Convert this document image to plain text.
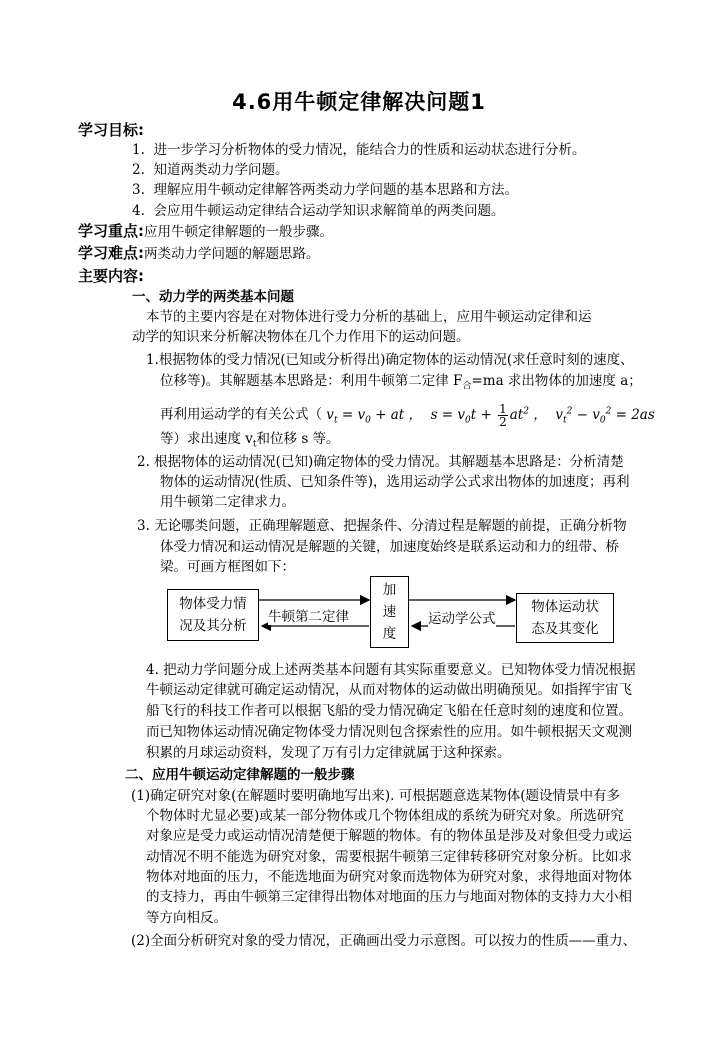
4.6用牛顿定律解决问题1
学习目标:
1. 进一步学习分析物体的受力情况，能结合力的性质和运动状态进行分析。
2. 知道两类动力学问题。
3. 理解应用牛顿动定律解答两类动力学问题的基本思路和方法。
4. 会应用牛顿运动定律结合运动学知识求解简单的两类问题。
学习重点:应用牛顿定律解题的一般步骤。
学习难点:两类动力学问题的解题思路。
主要内容:
一、动力学的两类基本问题
本节的主要内容是在对物体进行受力分析的基础上，应用牛顿运动定律和运
动学的知识来分析解决物体在几个力作用下的运动问题。
1.根据物体的受力情况(已知或分析得出)确定物体的运动情况(求任意时刻的速度、
位移等)。其解题基本思路是：利用牛顿第二定律 $F_合=ma$ 求出物体的加速度 a；
再利用运动学的有关公式（ $v_t = v_0$ + at ，  $s = v_0t + \frac{1}{2} at^2$ ，  $v_t^2 - v_0^2 = 2as$
等）求出速度 $v_t$和位移 s 等。
2. 根据物体的运动情况(已知)确定物体的受力情况。其解题基本思路是：分析清楚
物体的运动情况(性质、已知条件等)，选用运动学公式求出物体的加速度；再利
用牛顿第二定律求力。
3. 无论哪类问题，正确理解题意、把握条件、分清过程是解题的前提，正确分析物
体受力情况和运动情况是解题的关键，加速度始终是联系运动和力的纽带、桥
梁。可画方框图如下：
物体受力情
况及其分析
加
速
度
物体运动状
态及其变化
牛顿第二定律	运动学公式
4. 把动力学问题分成上述两类基本问题有其实际重要意义。已知物体受力情况根据
牛顿运动定律就可确定运动情况，从而对物体的运动做出明确预见。如指挥宇宙飞
船飞行的科技工作者可以根据飞船的受力情况确定飞船在任意时刻的速度和位置。
而已知物体运动情况确定物体受力情况则包含探索性的应用。如牛顿根据天文观测
积累的月球运动资料，发现了万有引力定律就属于这种探索。
二、应用牛顿运动定律解题的一般步骤
(1)确定研究对象(在解题时要明确地写出来). 可根据题意选某物体(题设情景中有多
个物体时尤显必要)或某一部分物体或几个物体组成的系统为研究对象。所选研究
对象应是受力或运动情况清楚便于解题的物体。有的物体虽是涉及对象但受力或运
动情况不明不能选为研究对象，需要根据牛顿第三定律转移研究对象分析。比如求
物体对地面的压力，不能选地面为研究对象而选物体为研究对象，求得地面对物体
的支持力，再由牛顿第三定律得出物体对地面的压力与地面对物体的支持力大小相
等方向相反。
(2)全面分析研究对象的受力情况，正确画出受力示意图。可以按力的性质——重力、
